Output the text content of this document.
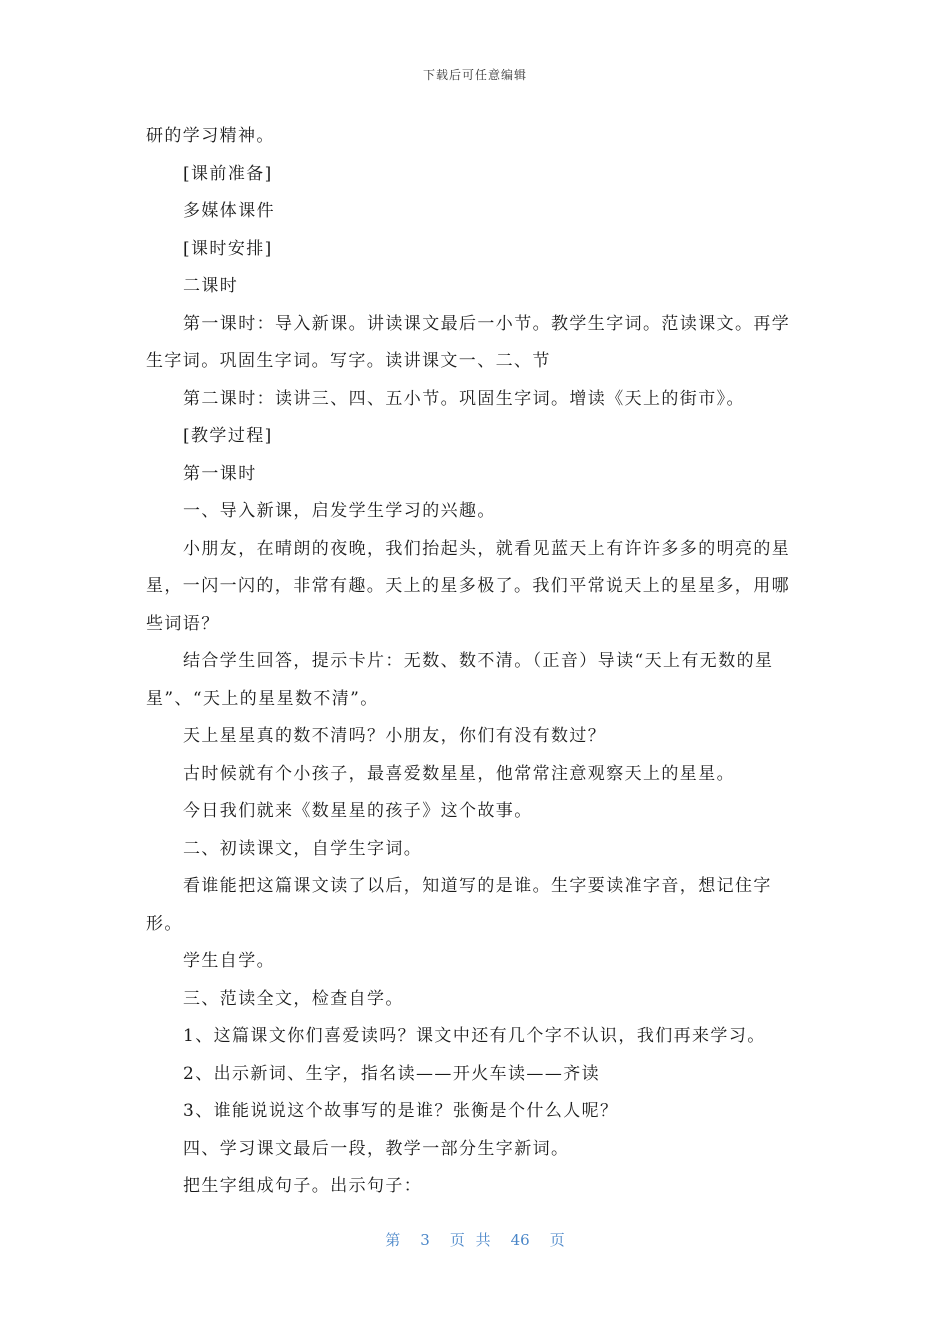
下载后可任意编辑

研的学习精神。

[课前准备]

多媒体课件

[课时安排]

二课时

第一课时：导入新课。讲读课文最后一小节。教学生字词。范读课文。再学生字词。巩固生字词。写字。读讲课文一、二、节

第二课时：读讲三、四、五小节。巩固生字词。增读《天上的街市》。

[教学过程]

第一课时

一、导入新课，启发学生学习的兴趣。

小朋友，在晴朗的夜晚，我们抬起头，就看见蓝天上有许许多多的明亮的星星，一闪一闪的，非常有趣。天上的星多极了。我们平常说天上的星星多，用哪些词语？

结合学生回答，提示卡片：无数、数不清。（正音）导读“天上有无数的星星”、“天上的星星数不清”。

天上星星真的数不清吗？小朋友，你们有没有数过？

古时候就有个小孩子，最喜爱数星星，他常常注意观察天上的星星。

今日我们就来《数星星的孩子》这个故事。

二、初读课文，自学生字词。

看谁能把这篇课文读了以后，知道写的是谁。生字要读准字音，想记住字形。

学生自学。

三、范读全文，检查自学。

1、这篇课文你们喜爱读吗？课文中还有几个字不认识，我们再来学习。

2、出示新词、生字，指名读——开火车读——齐读

3、谁能说说这个故事写的是谁？张衡是个什么人呢？

四、学习课文最后一段，教学一部分生字新词。

把生字组成句子。出示句子：

第 3 页 共 46 页
